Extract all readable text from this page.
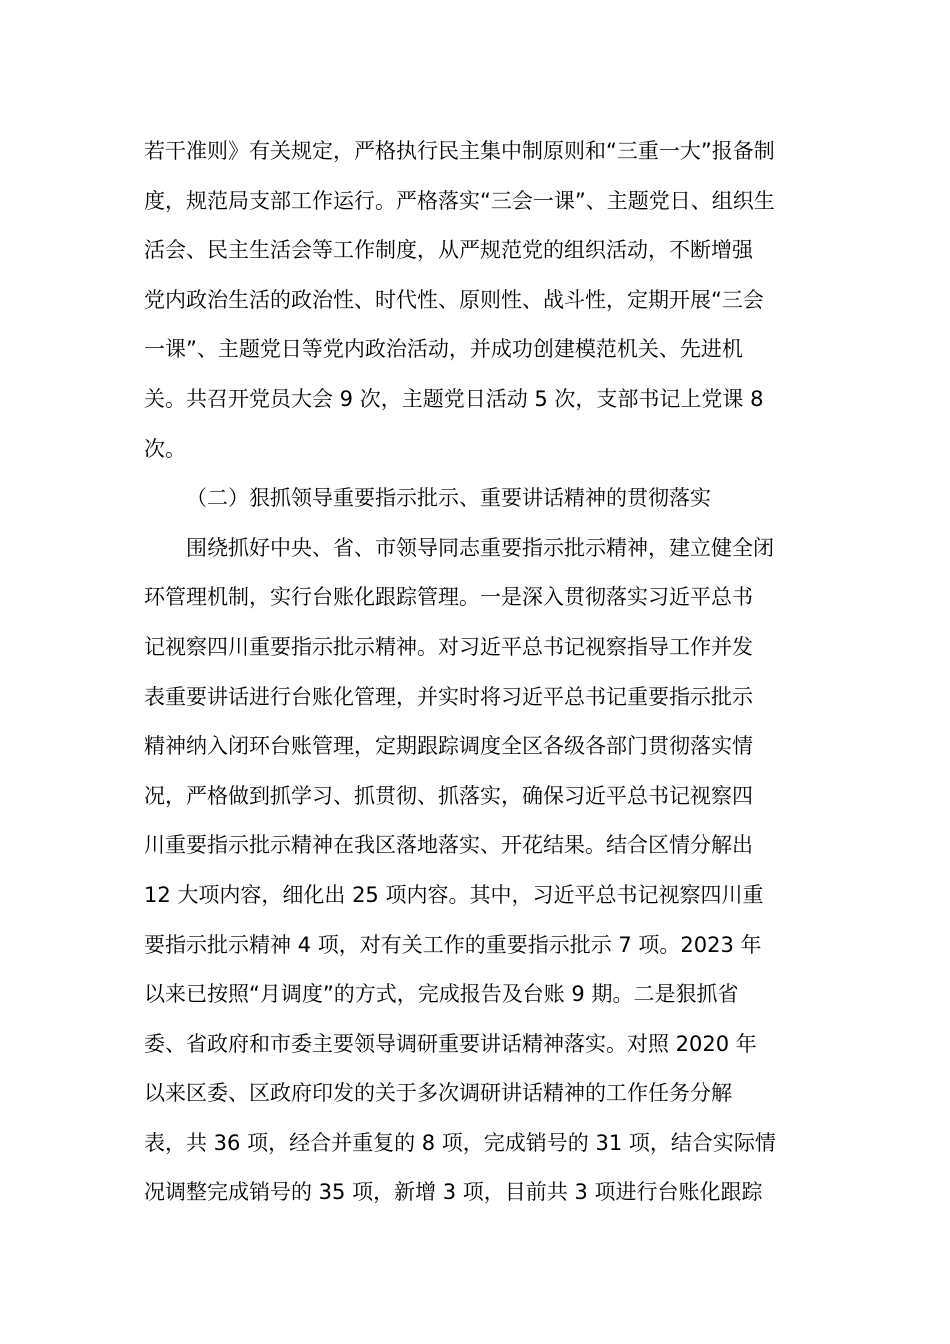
若干准则》有关规定，严格执行民主集中制原则和“三重一大”报备制
度，规范局支部工作运行。严格落实“三会一课”、主题党日、组织生
活会、民主生活会等工作制度，从严规范党的组织活动，不断增强
党内政治生活的政治性、时代性、原则性、战斗性，定期开展“三会
一课”、主题党日等党内政治活动，并成功创建模范机关、先进机
关。共召开党员大会 9 次，主题党日活动 5 次，支部书记上党课 8
次。
（二）狠抓领导重要指示批示、重要讲话精神的贯彻落实
围绕抓好中央、省、市领导同志重要指示批示精神，建立健全闭
环管理机制，实行台账化跟踪管理。一是深入贯彻落实习近平总书
记视察四川重要指示批示精神。对习近平总书记视察指导工作并发
表重要讲话进行台账化管理，并实时将习近平总书记重要指示批示
精神纳入闭环台账管理，定期跟踪调度全区各级各部门贯彻落实情
况，严格做到抓学习、抓贯彻、抓落实，确保习近平总书记视察四
川重要指示批示精神在我区落地落实、开花结果。结合区情分解出
12 大项内容，细化出 25 项内容。其中，习近平总书记视察四川重
要指示批示精神 4 项，对有关工作的重要指示批示 7 项。2023 年
以来已按照“月调度”的方式，完成报告及台账 9 期。二是狠抓省
委、省政府和市委主要领导调研重要讲话精神落实。对照 2020 年
以来区委、区政府印发的关于多次调研讲话精神的工作任务分解
表，共 36 项，经合并重复的 8 项，完成销号的 31 项，结合实际情
况调整完成销号的 35 项，新增 3 项，目前共 3 项进行台账化跟踪
